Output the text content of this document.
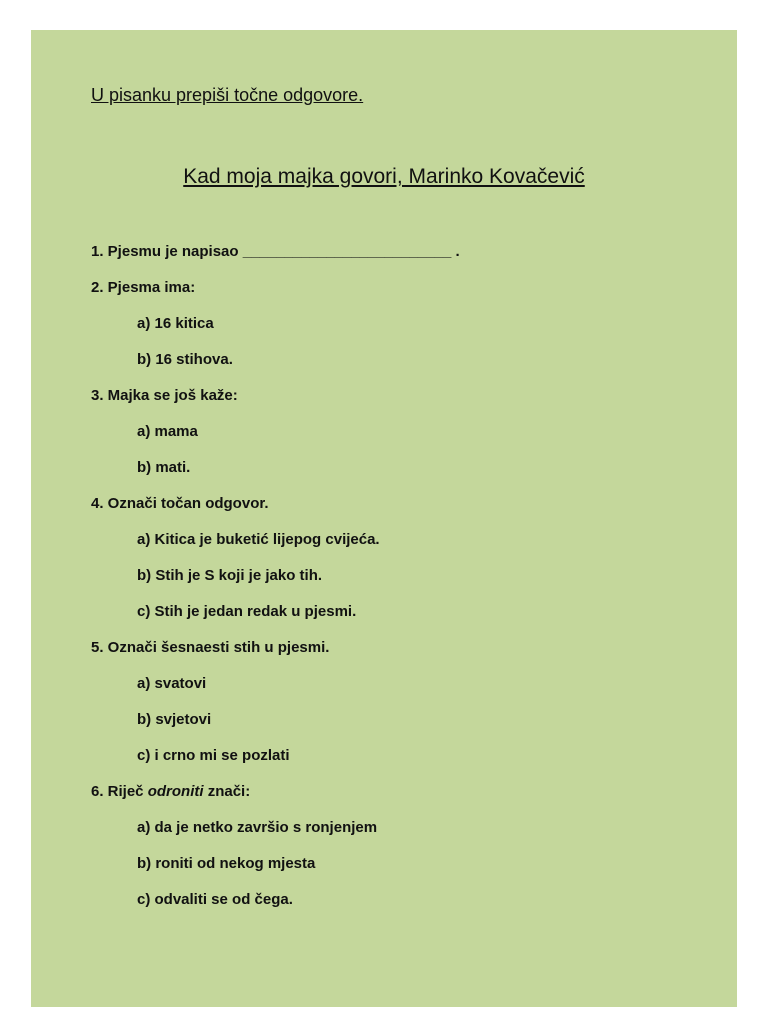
U pisanku prepiši točne odgovore.
Kad moja majka govori, Marinko Kovačević
1. Pjesmu je napisao _________________________ .
2. Pjesma ima:
a) 16 kitica
b) 16 stihova.
3. Majka se još kaže:
a) mama
b) mati.
4. Označi točan odgovor.
a) Kitica je buketić lijepog cvijeća.
b) Stih je S koji je jako tih.
c) Stih je jedan redak u pjesmi.
5. Označi šesnaesti stih u pjesmi.
a) svatovi
b) svjetovi
c) i crno mi se pozlati
6. Riječ odroniti znači:
a) da je netko završio s ronjenjem
b) roniti od nekog mjesta
c) odvaliti se od čega.
